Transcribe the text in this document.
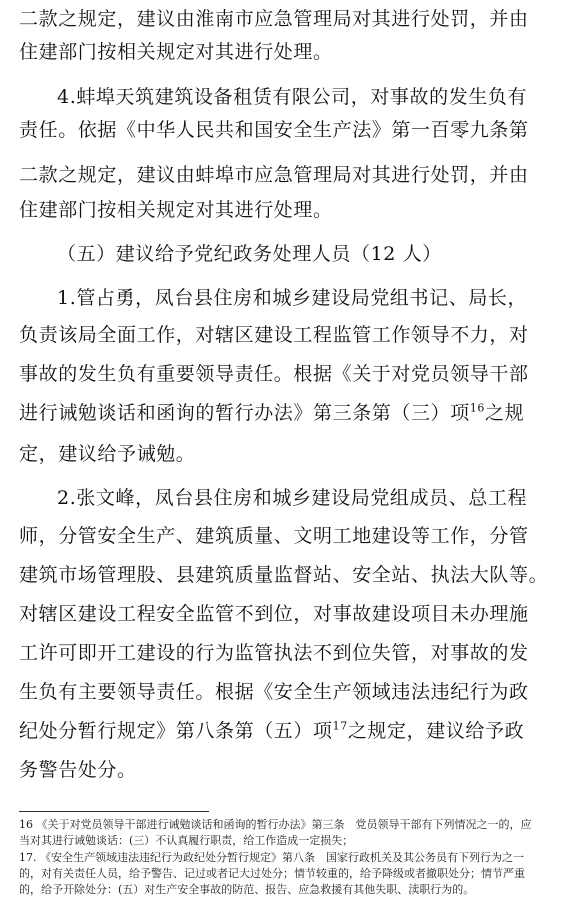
二款之规定，建议由淮南市应急管理局对其进行处罚，并由
住建部门按相关规定对其进行处理。
4.蚌埠天筑建筑设备租赁有限公司，对事故的发生负有
责任。依据《中华人民共和国安全生产法》第一百零九条第
二款之规定，建议由蚌埠市应急管理局对其进行处罚，并由
住建部门按相关规定对其进行处理。
（五）建议给予党纪政务处理人员（12 人）
1.管占勇，凤台县住房和城乡建设局党组书记、局长，
负责该局全面工作，对辖区建设工程监管工作领导不力，对
事故的发生负有重要领导责任。根据《关于对党员领导干部
进行诫勉谈话和函询的暂行办法》第三条第（三）项$^{16}$之规
定，建议给予诫勉。
2.张文峰，凤台县住房和城乡建设局党组成员、总工程
师，分管安全生产、建筑质量、文明工地建设等工作，分管
建筑市场管理股、县建筑质量监督站、安全站、执法大队等。
对辖区建设工程安全监管不到位，对事故建设项目未办理施
工许可即开工建设的行为监管执法不到位失管，对事故的发
生负有主要领导责任。根据《安全生产领域违法违纪行为政
纪处分暂行规定》第八条第（五）项$^{17}$之规定，建议给予政
务警告处分。
16 《关于对党员领导干部进行诫勉谈话和函询的暂行办法》第三条　党员领导干部有下列情况之一的，应
当对其进行诫勉谈话：(三）不认真履行职责，给工作造成一定损失；
17. 《安全生产领域违法违纪行为政纪处分暂行规定》第八条　国家行政机关及其公务员有下列行为之一
的，对有关责任人员，给予警告、记过或者记大过处分；情节较重的，给予降级或者撤职处分；情节严重
的，给予开除处分：(五）对生产安全事故的防范、报告、应急救援有其他失职、渎职行为的。
